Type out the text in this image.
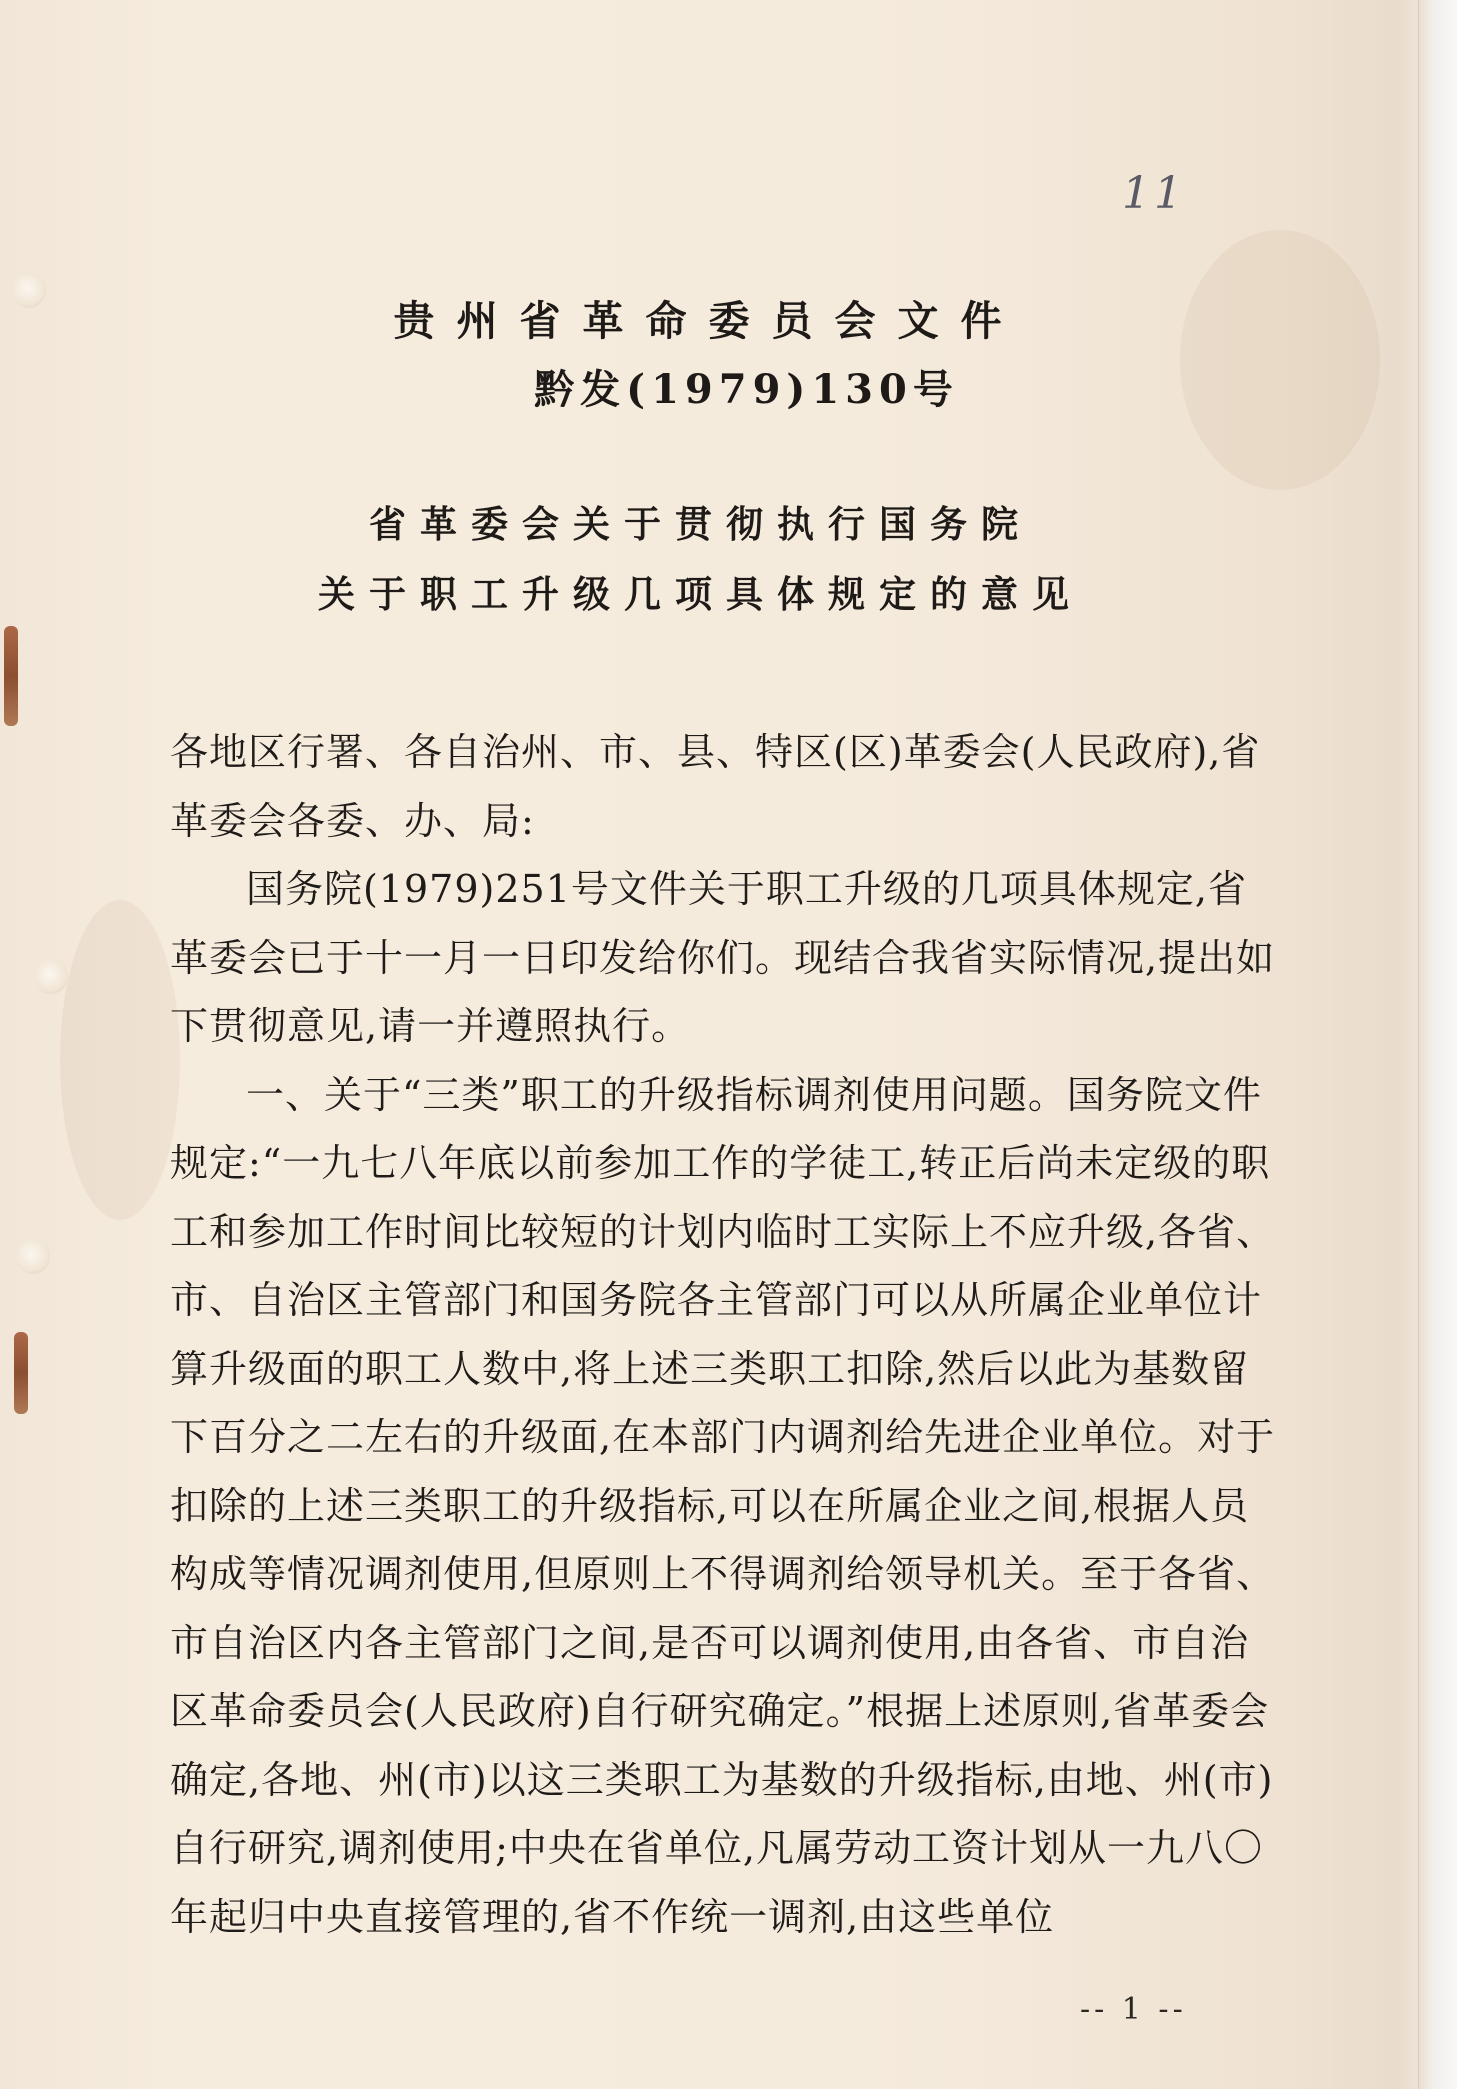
11
贵州省革命委员会文件
黔发(1979)130号
省革委会关于贯彻执行国务院
关于职工升级几项具体规定的意见

各地区行署、各自治州、市、县、特区(区)革委会(人民政府),省革委会各委、办、局:

国务院(1979)251号文件关于职工升级的几项具体规定,省革委会已于十一月一日印发给你们。现结合我省实际情况,提出如下贯彻意见,请一并遵照执行。

一、关于“三类”职工的升级指标调剂使用问题。国务院文件规定:“一九七八年底以前参加工作的学徒工,转正后尚未定级的职工和参加工作时间比较短的计划内临时工实际上不应升级,各省、市、自治区主管部门和国务院各主管部门可以从所属企业单位计算升级面的职工人数中,将上述三类职工扣除,然后以此为基数留下百分之二左右的升级面,在本部门内调剂给先进企业单位。对于扣除的上述三类职工的升级指标,可以在所属企业之间,根据人员构成等情况调剂使用,但原则上不得调剂给领导机关。至于各省、市自治区内各主管部门之间,是否可以调剂使用,由各省、市自治区革命委员会(人民政府)自行研究确定。”根据上述原则,省革委会确定,各地、州(市)以这三类职工为基数的升级指标,由地、州(市)自行研究,调剂使用;中央在省单位,凡属劳动工资计划从一九八〇年起归中央直接管理的,省不作统一调剂,由这些单位

-- 1 --
